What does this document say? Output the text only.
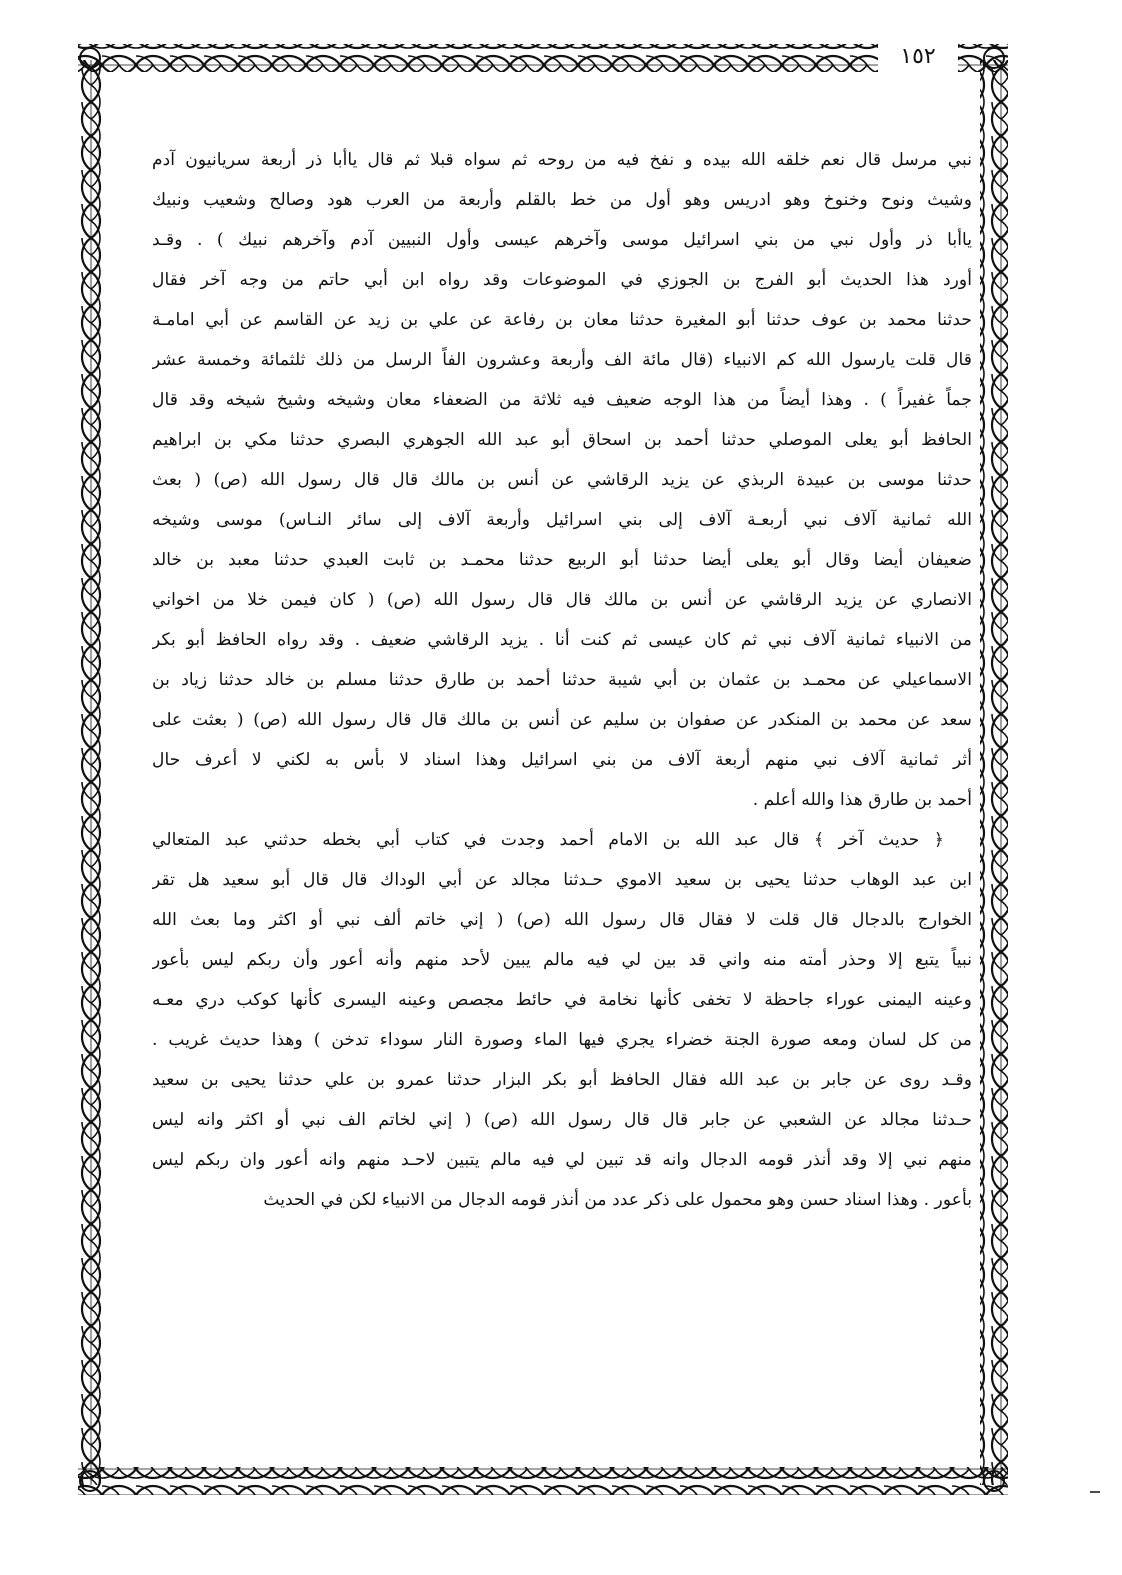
١٥٢
نبي مرسل قال نعم خلقه الله بيده و نفخ فيه من روحه ثم سواه قبلا ثم قال ياأبا ذر أربعة سريانيون آدم
وشيث ونوح وخنوخ وهو ادريس وهو أول من خط بالقلم وأربعة من العرب هود وصالح وشعيب ونبيك
ياأبا ذر وأول نبي من بني اسرائيل موسى وآخرهم عيسى وأول النبيين آدم وآخرهم نبيك ) . وقـد
أورد هذا الحديث أبو الفرج بن الجوزي في الموضوعات وقد رواه ابن أبي حاتم من وجه آخر فقال
حدثنا محمد بن عوف حدثنا أبو المغيرة حدثنا معان بن رفاعة عن علي بن زيد عن القاسم عن أبي امامـة
قال قلت يارسول الله كم الانبياء (قال مائة الف وأربعة وعشرون الفاً الرسل من ذلك ثلثمائة وخمسة عشر
جماً غفيراً ) . وهذا أيضاً من هذا الوجه ضعيف فيه ثلاثة من الضعفاء معان وشيخه وشيخ شيخه وقد قال
الحافظ أبو يعلى الموصلي حدثنا أحمد بن اسحاق أبو عبد الله الجوهري البصري حدثنا مكي بن ابراهيم
حدثنا موسى بن عبيدة الربذي عن يزيد الرقاشي عن أنس بن مالك قال قال رسول الله (ص) ( بعث
الله ثمانية آلاف نبي أربعـة آلاف إلى بني اسرائيل وأربعة آلاف إلى سائر النـاس) موسى وشيخه
ضعيفان أيضا وقال أبو يعلى أيضا حدثنا أبو الربيع حدثنا محمـد بن ثابت العبدي حدثنا معبد بن خالد
الانصاري عن يزيد الرقاشي عن أنس بن مالك قال قال رسول الله (ص) ( كان فيمن خلا من اخواني
من الانبياء ثمانية آلاف نبي ثم كان عيسى ثم كنت أنا . يزيد الرقاشي ضعيف . وقد رواه الحافظ أبو بكر
الاسماعيلي عن محمـد بن عثمان بن أبي شيبة حدثنا أحمد بن طارق حدثنا مسلم بن خالد حدثنا زياد بن
سعد عن محمد بن المنكدر عن صفوان بن سليم عن أنس بن مالك قال قال رسول الله (ص) ( بعثت على
أثر ثمانية آلاف نبي منهم أربعة آلاف من بني اسرائيل وهذا اسناد لا بأس به لكني لا أعرف حال
أحمد بن طارق هذا والله أعلم .
﴿ حديث آخر ﴾ قال عبد الله بن الامام أحمد وجدت في كتاب أبي بخطه حدثني عبد المتعالي
ابن عبد الوهاب حدثنا يحيى بن سعيد الاموي حـدثنا مجالد عن أبي الوداك قال قال أبو سعيد هل تقر
الخوارج بالدجال قال قلت لا فقال قال رسول الله (ص) ( إني خاتم ألف نبي أو اكثر وما بعث الله
نبياً يتبع إلا وحذر أمته منه واني قد بين لي فيه مالم يبين لأحد منهم وأنه أعور وأن ربكم ليس بأعور
وعينه اليمنى عوراء جاحظة لا تخفى كأنها نخامة في حائط مجصص وعينه اليسرى كأنها كوكب دري معـه
من كل لسان ومعه صورة الجنة خضراء يجري فيها الماء وصورة النار سوداء تدخن ) وهذا حديث غريب .
وقـد روى عن جابر بن عبد الله فقال الحافظ أبو بكر البزار حدثنا عمرو بن علي حدثنا يحيى بن سعيد
حـدثنا مجالد عن الشعبي عن جابر قال قال رسول الله (ص) ( إني لخاتم الف نبي أو اكثر وانه ليس
منهم نبي إلا وقد أنذر قومه الدجال وانه قد تبين لي فيه مالم يتبين لاحـد منهم وانه أعور وان ربكم ليس
بأعور . وهذا اسناد حسن وهو محمول على ذكر عدد من أنذر قومه الدجال من الانبياء لكن في الحديث
